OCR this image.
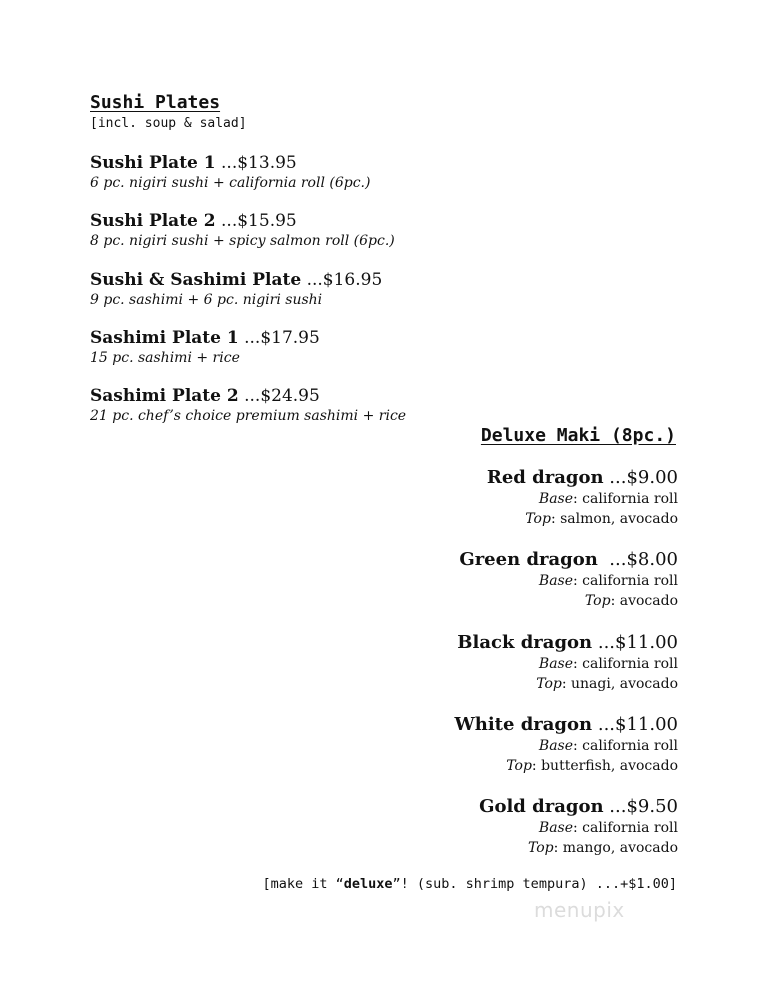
Sushi Plates
[incl. soup & salad]
Sushi Plate 1 ...$13.95
6 pc. nigiri sushi + california roll (6pc.)
Sushi Plate 2 ...$15.95
8 pc. nigiri sushi + spicy salmon roll (6pc.)
Sushi & Sashimi Plate ...$16.95
9 pc. sashimi + 6 pc. nigiri sushi
Sashimi Plate 1 ...$17.95
15 pc. sashimi + rice
Sashimi Plate 2 ...$24.95
21 pc. chef’s choice premium sashimi + rice
Deluxe Maki (8pc.)
Red dragon ...$9.00
Base: california roll
Top: salmon, avocado
Green dragon  ...$8.00
Base: california roll
Top: avocado
Black dragon ...$11.00
Base: california roll
Top: unagi, avocado
White dragon ...$11.00
Base: california roll
Top: butterfish, avocado
Gold dragon ...$9.50
Base: california roll
Top: mango, avocado
[make it “deluxe”! (sub. shrimp tempura) ...+$1.00]
menupix
